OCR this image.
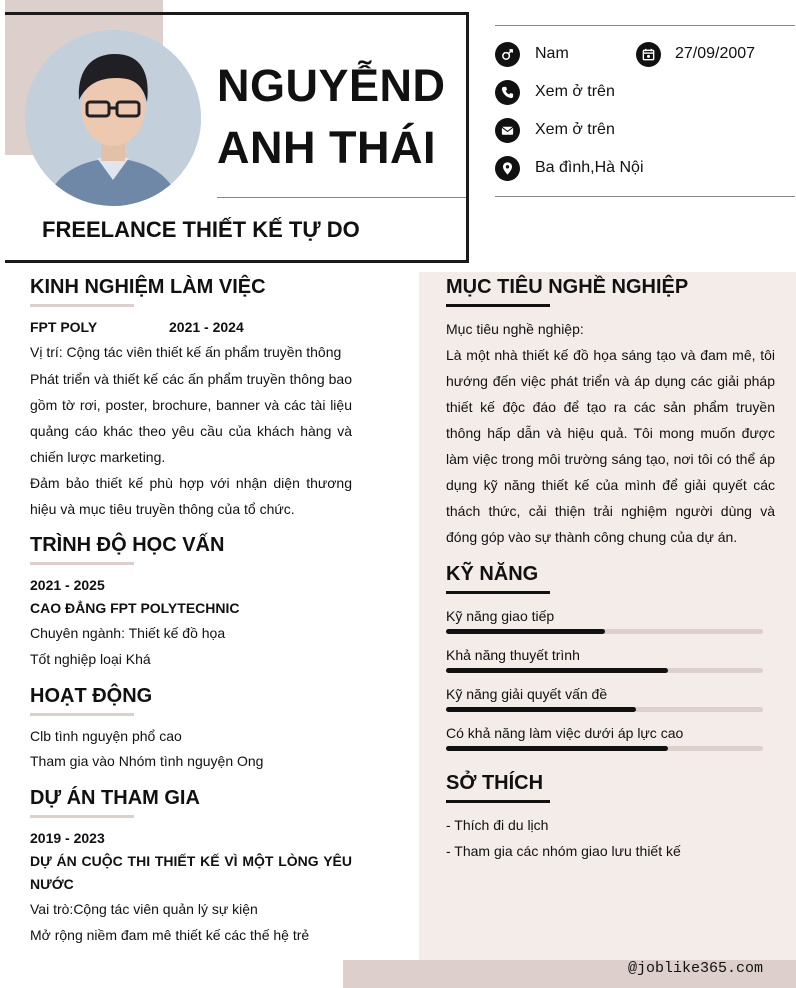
NGUYỄND
ANH THÁI
FREELANCE THIẾT KẾ TỰ DO
Nam	27/09/2007
Xem ở trên
Xem ở trên
Ba đình,Hà Nội
@joblike365.com
KINH NGHIỆM LÀM VIỆC
FPT POLY	2021 - 2024
Vị trí: Cộng tác viên thiết kế ấn phẩm truyền thông
Phát triển và thiết kế các ấn phẩm truyền thông bao gồm tờ rơi, poster, brochure, banner và các tài liệu quảng cáo khác theo yêu cầu của khách hàng và chiến lược marketing.
Đảm bảo thiết kế phù hợp với nhận diện thương hiệu và mục tiêu truyền thông của tổ chức.
TRÌNH ĐỘ HỌC VẤN
2021 - 2025
CAO ĐẲNG FPT POLYTECHNIC
Chuyên ngành: Thiết kế đồ họa
Tốt nghiệp loại Khá
HOẠT ĐỘNG
Clb tình nguyện phổ cao
Tham gia vào Nhóm tình nguyện Ong
DỰ ÁN THAM GIA
2019 - 2023
DỰ ÁN CUỘC THI THIẾT KẾ VÌ MỘT LÒNG YÊU NƯỚC
Vai trò:Cộng tác viên quản lý sự kiện
Mở rộng niềm đam mê thiết kế các thế hệ trẻ
MỤC TIÊU NGHỀ NGHIỆP
Mục tiêu nghề nghiệp:
Là một nhà thiết kế đồ họa sáng tạo và đam mê, tôi hướng đến việc phát triển và áp dụng các giải pháp thiết kế độc đáo để tạo ra các sản phẩm truyền thông hấp dẫn và hiệu quả. Tôi mong muốn được làm việc trong môi trường sáng tạo, nơi tôi có thể áp dụng kỹ năng thiết kế của mình để giải quyết các thách thức, cải thiện trải nghiệm người dùng và đóng góp vào sự thành công chung của dự án.
KỸ NĂNG
Kỹ năng giao tiếp
Khả năng thuyết trình
Kỹ năng giải quyết vấn đề
Có khả năng làm việc dưới áp lực cao
SỞ THÍCH
- Thích đi du lịch
- Tham gia các nhóm giao lưu thiết kế
